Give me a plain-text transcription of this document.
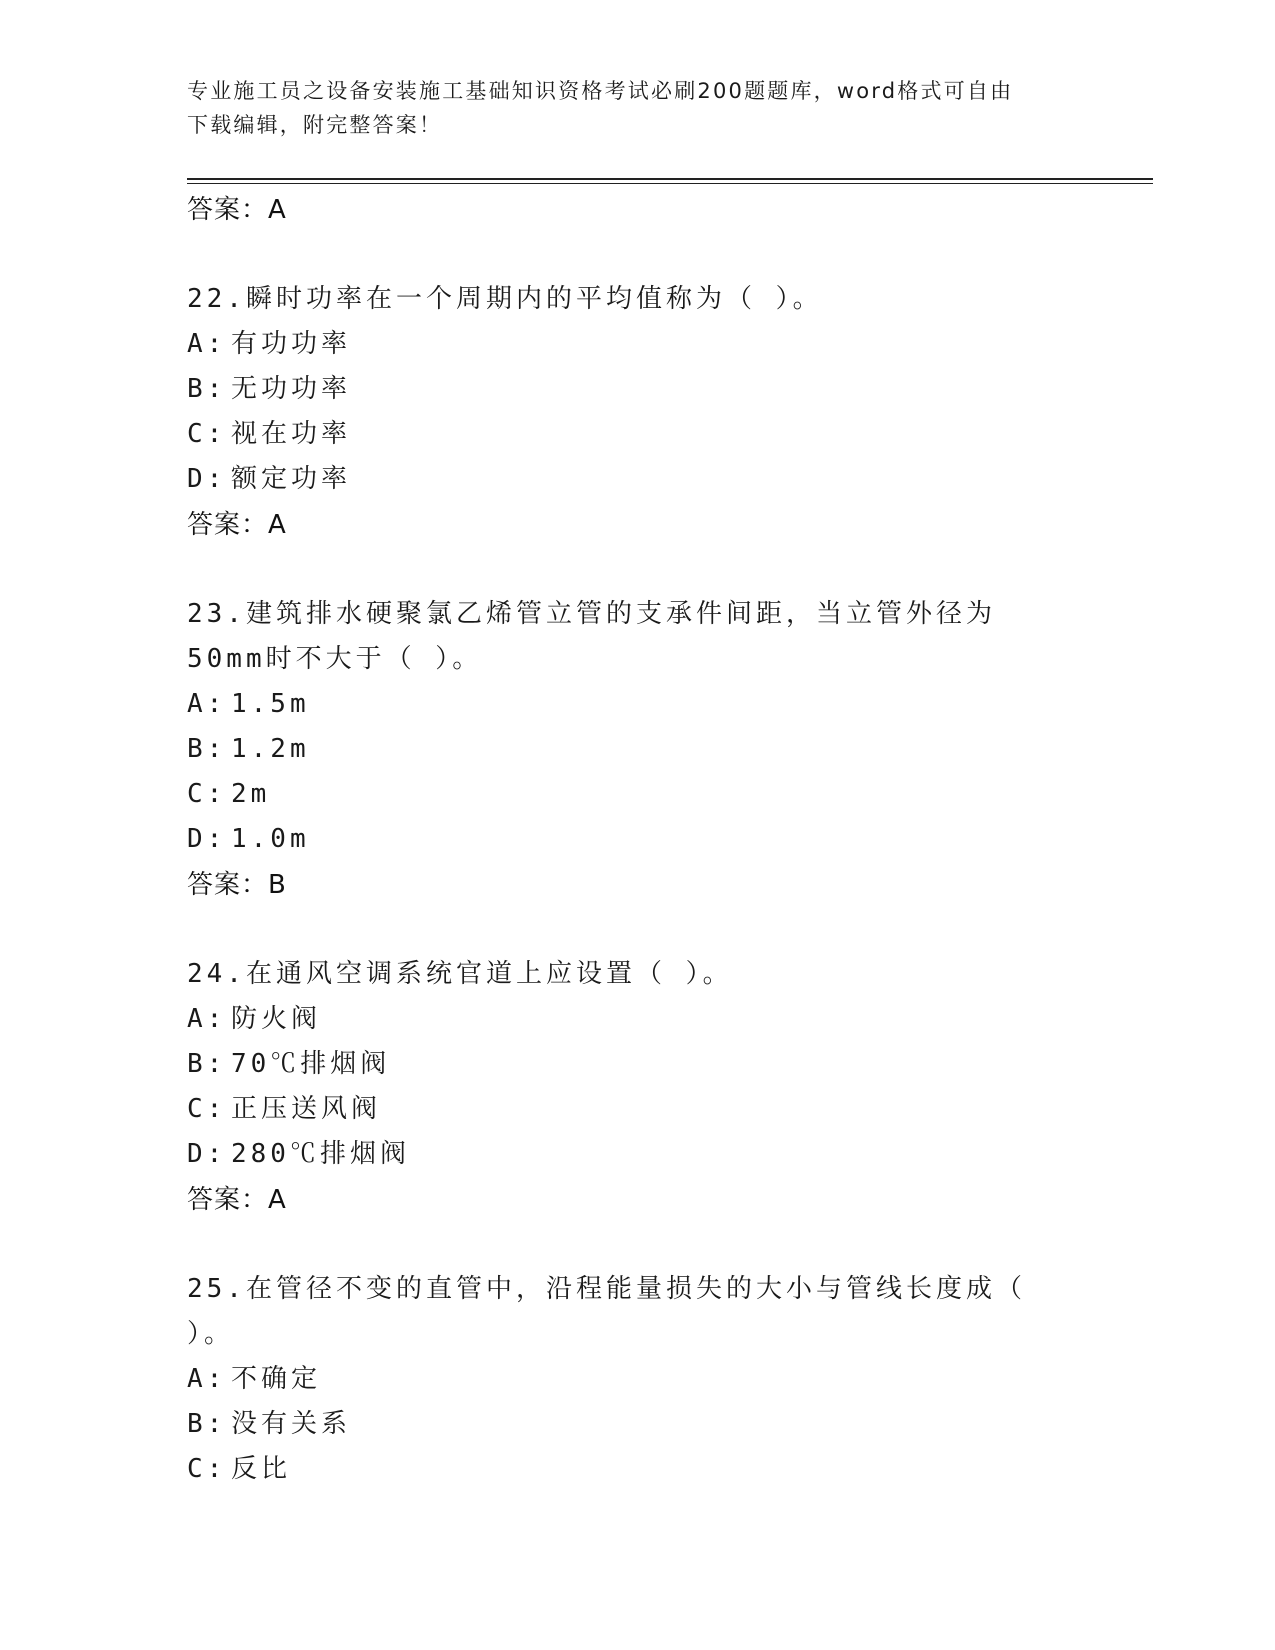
专业施工员之设备安装施工基础知识资格考试必刷200题题库，word格式可自由
下载编辑，附完整答案！
答案：A
22.瞬时功率在一个周期内的平均值称为（ ）。
A: 有功功率
B: 无功功率
C: 视在功率
D: 额定功率
答案：A
23.建筑排水硬聚氯乙烯管立管的支承件间距，当立管外径为50mm时不大于（ ）。
A: 1.5m
B: 1.2m
C: 2m
D: 1.0m
答案：B
24.在通风空调系统官道上应设置（ ）。
A: 防火阀
B: 70℃排烟阀
C: 正压送风阀
D: 280℃排烟阀
答案：A
25.在管径不变的直管中，沿程能量损失的大小与管线长度成（ ）。
A: 不确定
B: 没有关系
C: 反比
